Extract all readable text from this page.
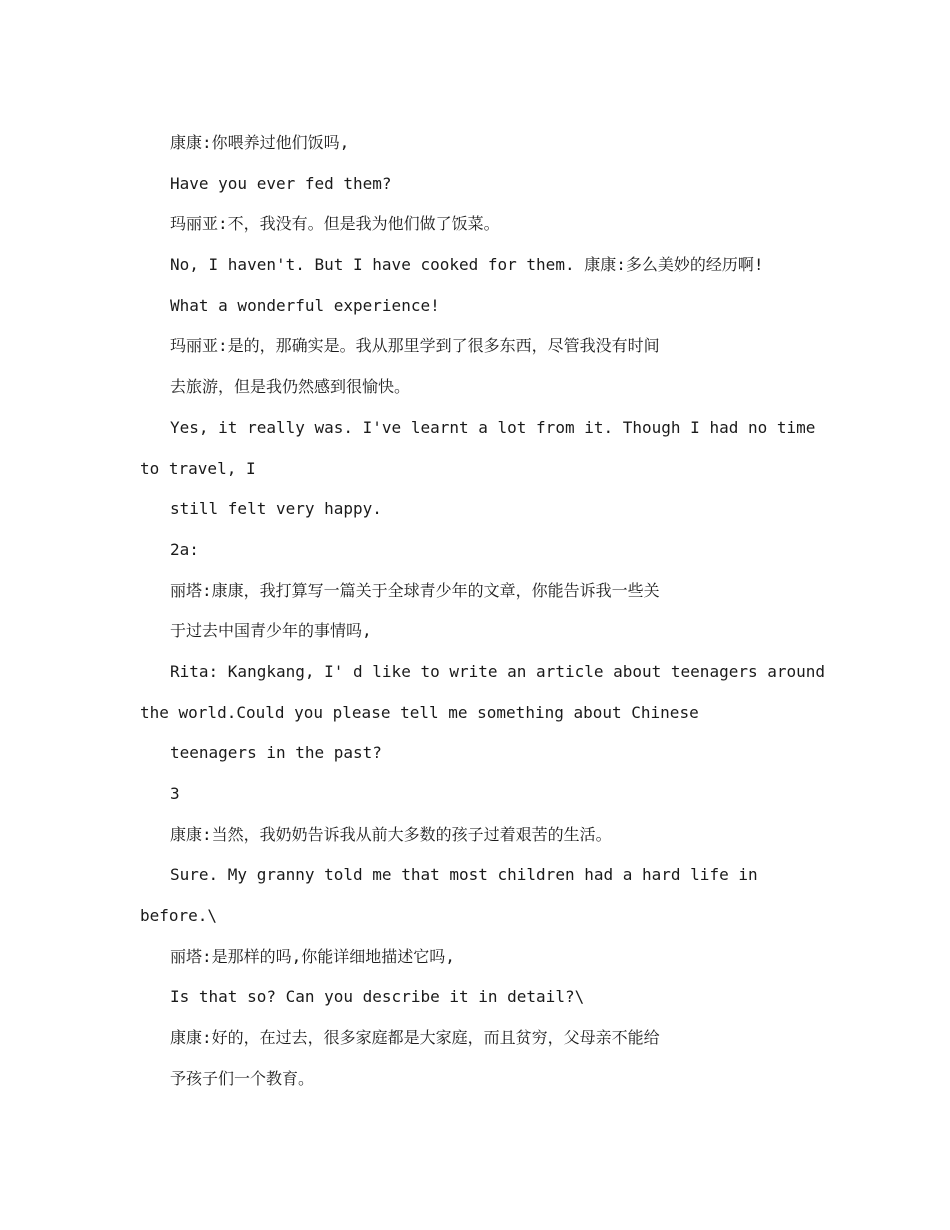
康康:你喂养过他们饭吗,
Have you ever fed them?
玛丽亚:不，我没有。但是我为他们做了饭菜。
No, I haven't. But I have cooked for them. 康康:多么美妙的经历啊!
What a wonderful experience!
玛丽亚:是的，那确实是。我从那里学到了很多东西，尽管我没有时间
去旅游，但是我仍然感到很愉快。
Yes, it really was. I've learnt a lot from it. Though I had no time
to travel, I
still felt very happy.
2a:
丽塔:康康，我打算写一篇关于全球青少年的文章，你能告诉我一些关
于过去中国青少年的事情吗,
Rita: Kangkang, I' d like to write an article about teenagers around
the world.Could you please tell me something about Chinese
teenagers in the past?
3
康康:当然，我奶奶告诉我从前大多数的孩子过着艰苦的生活。
Sure. My granny told me that most children had a hard life in
before.\
丽塔:是那样的吗,你能详细地描述它吗,
Is that so? Can you describe it in detail?\
康康:好的，在过去，很多家庭都是大家庭，而且贫穷，父母亲不能给
予孩子们一个教育。
